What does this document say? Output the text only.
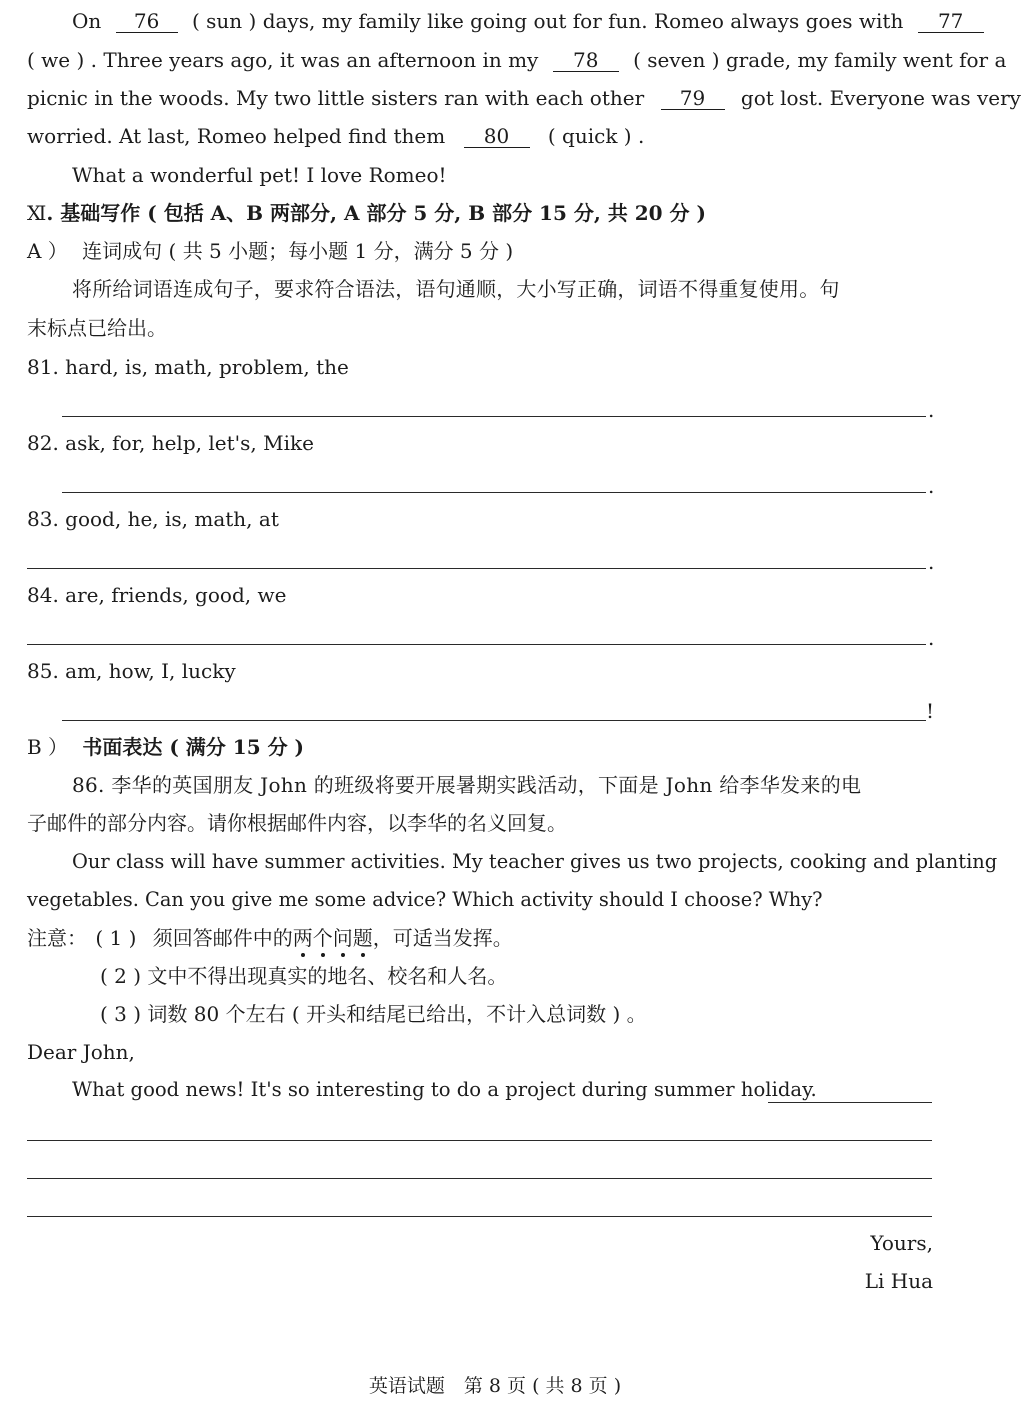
On 76 ( sun ) days, my family like going out for fun. Romeo always goes with 77
( we ) . Three years ago, it was an afternoon in my 78 ( seven ) grade, my family went for a
picnic in the woods. My two little sisters ran with each other 79 got lost. Everyone was very
worried. At last, Romeo helped find them 80 ( quick ) .
What a wonderful pet! I love Romeo!
Ⅺ. 基础写作 ( 包括 A、B 两部分, A 部分 5 分, B 部分 15 分, 共 20 分 )
A ） 连词成句 ( 共 5 小题；每小题 1 分，满分 5 分 )
将所给词语连成句子，要求符合语法，语句通顺，大小写正确，词语不得重复使用。句
末标点已给出。
81. hard, is, math, problem, the
.
82. ask, for, help, let's, Mike
.
83. good, he, is, math, at
.
84. are, friends, good, we
.
85. am, how, I, lucky
!
B ） 书面表达 ( 满分 15 分 )
86. 李华的英国朋友 John 的班级将要开展暑期实践活动，下面是 John 给李华发来的电
子邮件的部分内容。请你根据邮件内容，以李华的名义回复。
Our class will have summer activities. My teacher gives us two projects, cooking and planting
vegetables. Can you give me some advice? Which activity should I choose? Why?
注意： ( 1 ) 须回答邮件中的两个问题，可适当发挥。
( 2 ) 文中不得出现真实的地名、校名和人名。
( 3 ) 词数 80 个左右 ( 开头和结尾已给出，不计入总词数 ) 。
Dear John,
What good news! It's so interesting to do a project during summer holiday.
Yours,
Li Hua
英语试题　第 8 页 ( 共 8 页 )
